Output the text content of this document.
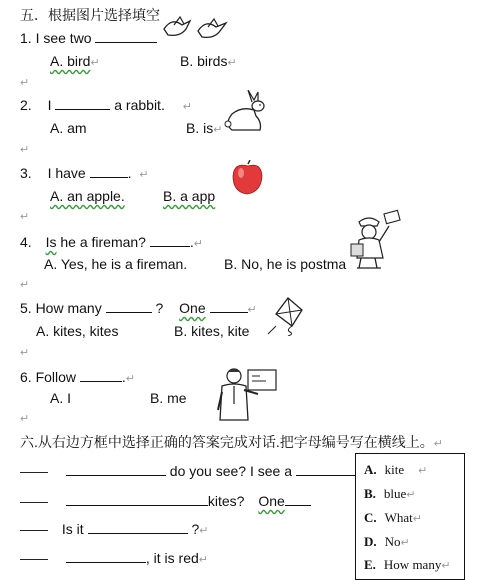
五．根据图片选择填空
1. I see two
A. bird↵	B. birds↵
↵
2. I	a rabbit. ↵
A. am	B. is↵
↵
3. I have	. ↵
A. an apple.	B. a app
↵
4. Is he a fireman?	.↵
A. Yes, he is a fireman.	B. No, he is postma
↵
5. How many	? One	↵
A. kites, kites	B. kites, kite
↵
6. Follow	.↵
A. I	B. me
↵
六.从右边方框中选择正确的答案完成对话.把字母编号写在横线上。↵
——	do you see? I see a
——	kites? One
—— Is it	?↵
——	, it is red↵
A. kite ↵
B. blue↵
C. What↵
D. No↵
E. How many↵
